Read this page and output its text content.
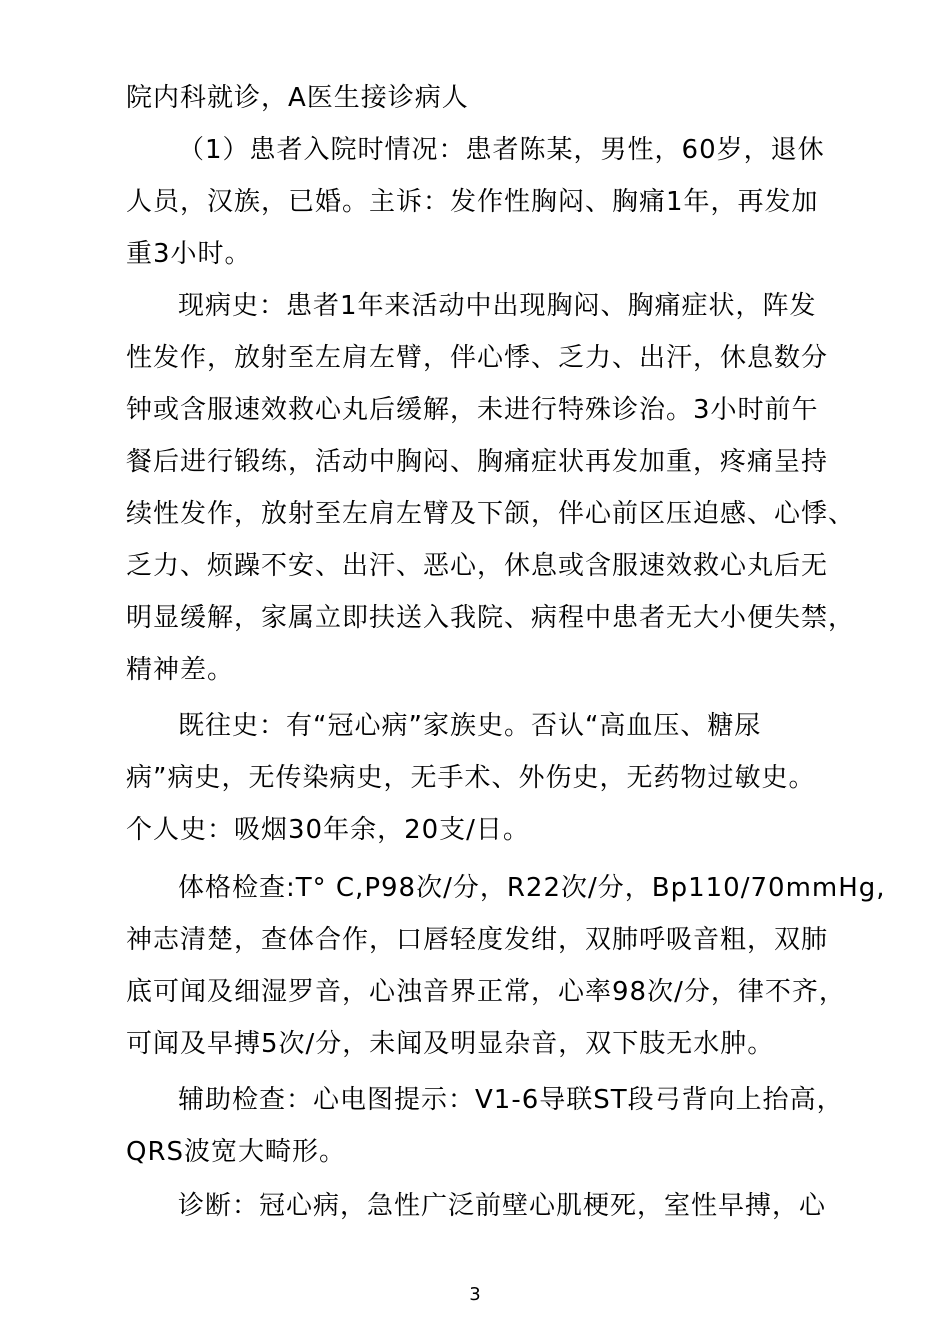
院内科就诊，A医生接诊病人
（1）患者入院时情况：患者陈某，男性，60岁，退休
人员，汉族，已婚。主诉：发作性胸闷、胸痛1年，再发加
重3小时。
现病史：患者1年来活动中出现胸闷、胸痛症状，阵发
性发作，放射至左肩左臂，伴心悸、乏力、出汗，休息数分
钟或含服速效救心丸后缓解，未进行特殊诊治。3小时前午
餐后进行锻练，活动中胸闷、胸痛症状再发加重，疼痛呈持
续性发作，放射至左肩左臂及下颌，伴心前区压迫感、心悸、
乏力、烦躁不安、出汗、恶心，休息或含服速效救心丸后无
明显缓解，家属立即扶送入我院、病程中患者无大小便失禁，
精神差。
既往史：有“冠心病”家族史。否认“高血压、糖尿
病”病史，无传染病史，无手术、外伤史，无药物过敏史。
个人史：吸烟30年余，20支/日。
体格检查:T° C,P98次/分，R22次/分，Bp110/70mmHg,
神志清楚，查体合作，口唇轻度发绀，双肺呼吸音粗，双肺
底可闻及细湿罗音，心浊音界正常，心率98次/分，律不齐，
可闻及早搏5次/分，未闻及明显杂音，双下肢无水肿。
辅助检查：心电图提示：V1-6导联ST段弓背向上抬高，
QRS波宽大畸形。
诊断：冠心病，急性广泛前壁心肌梗死，室性早搏，心
3
